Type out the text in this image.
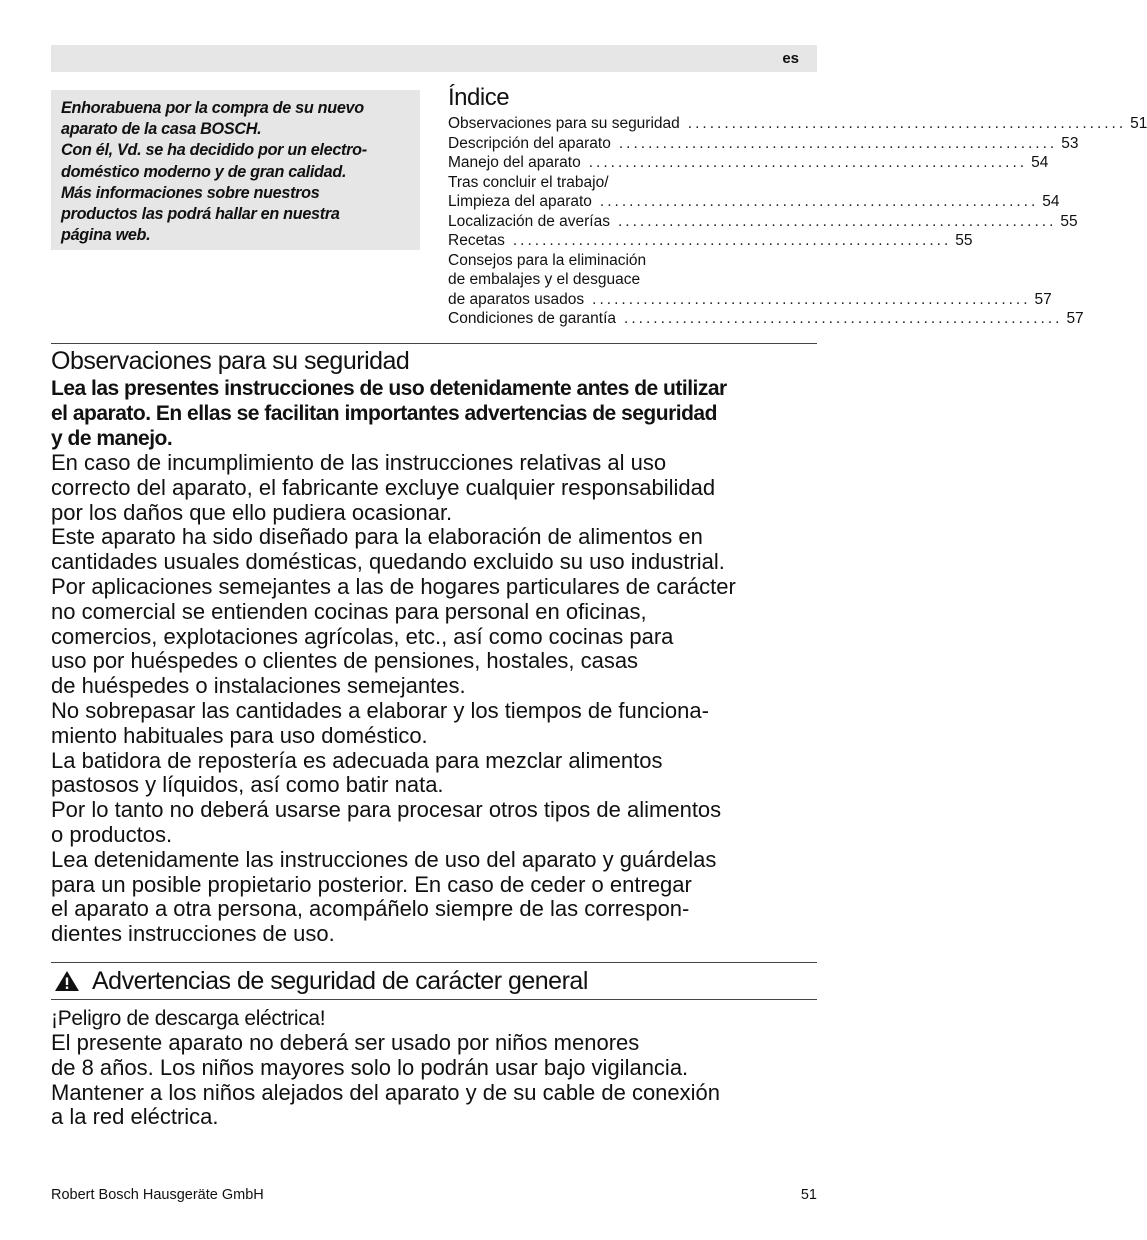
es

Enhorabuena por la compra de su nuevo

aparato de la casa BOSCH.

Con él, Vd. se ha decidido por un electro-

doméstico moderno y de gran calidad.

Más informaciones sobre nuestros

productos las podrá hallar en nuestra

página web.

Índice
Observaciones para su seguridad ............................................................ 51
Descripción del aparato ............................................................ 53
Manejo del aparato ............................................................ 54
Tras concluir el trabajo/
Limpieza del aparato ............................................................ 54
Localización de averías ............................................................ 55
Recetas ............................................................ 55
Consejos para la eliminación
de embalajes y el desguace
de aparatos usados ............................................................ 57
Condiciones de garantía ............................................................ 57
Observaciones para su seguridad

Lea las presentes instrucciones de uso detenidamente antes de utilizar

el aparato. En ellas se facilitan importantes advertencias de seguridad

y de manejo.

En caso de incumplimiento de las instrucciones relativas al uso

correcto del aparato, el fabricante excluye cualquier responsabilidad

por los daños que ello pudiera ocasionar.

Este aparato ha sido diseñado para la elaboración de alimentos en

cantidades usuales domésticas, quedando excluido su uso industrial.

Por aplicaciones semejantes a las de hogares particulares de carácter

no comercial se entienden cocinas para personal en oficinas,

comercios, explotaciones agrícolas, etc., así como cocinas para

uso por huéspedes o clientes de pensiones, hostales, casas

de huéspedes o instalaciones semejantes.

No sobrepasar las cantidades a elaborar y los tiempos de funciona-

miento habituales para uso doméstico.

La batidora de repostería es adecuada para mezclar alimentos

pastosos y líquidos, así como batir nata.

Por lo tanto no deberá usarse para procesar otros tipos de alimentos

o productos.

Lea detenidamente las instrucciones de uso del aparato y guárdelas

para un posible propietario posterior. En caso de ceder o entregar

el aparato a otra persona, acompáñelo siempre de las correspon-

dientes instrucciones de uso.

Advertencias de seguridad de carácter general

¡Peligro de descarga eléctrica!

El presente aparato no deberá ser usado por niños menores

de 8 años. Los niños mayores solo lo podrán usar bajo vigilancia.

Mantener a los niños alejados del aparato y de su cable de conexión

a la red eléctrica.

Robert Bosch Hausgeräte GmbH	51
